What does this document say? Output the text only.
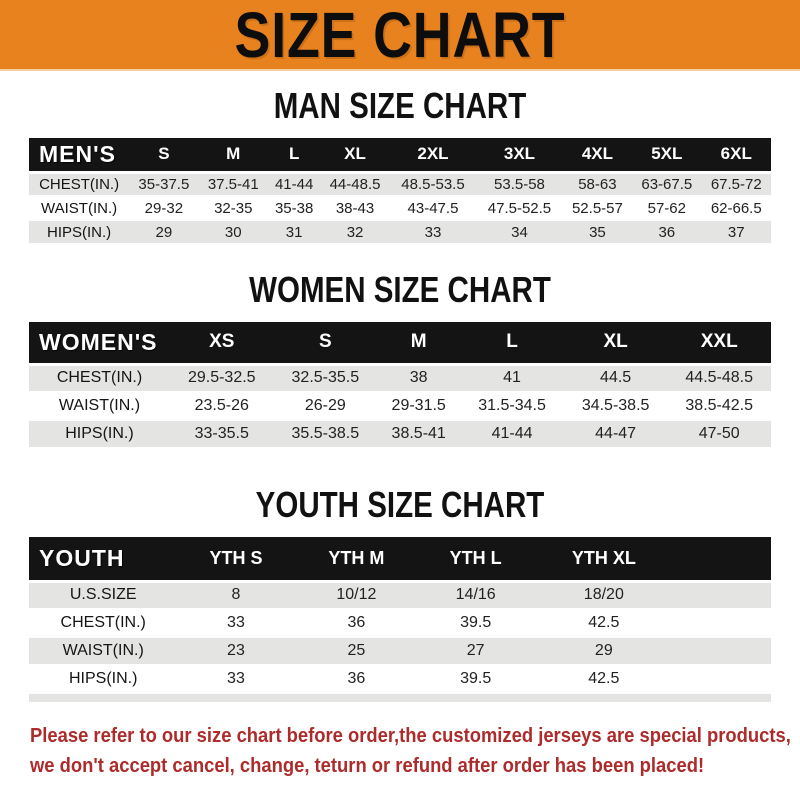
SIZE CHART
MAN SIZE CHART
MEN'S	S	M	L	XL	2XL	3XL	4XL	5XL	6XL
CHEST(IN.)	35-37.5	37.5-41	41-44	44-48.5	48.5-53.5	53.5-58	58-63	63-67.5	67.5-72
WAIST(IN.)	29-32	32-35	35-38	38-43	43-47.5	47.5-52.5	52.5-57	57-62	62-66.5
HIPS(IN.)	29	30	31	32	33	34	35	36	37
WOMEN SIZE CHART
WOMEN'S	XS	S	M	L	XL	XXL
CHEST(IN.)	29.5-32.5	32.5-35.5	38	41	44.5	44.5-48.5
WAIST(IN.)	23.5-26	26-29	29-31.5	31.5-34.5	34.5-38.5	38.5-42.5
HIPS(IN.)	33-35.5	35.5-38.5	38.5-41	41-44	44-47	47-50
YOUTH SIZE CHART
YOUTH	YTH S	YTH M	YTH L	YTH XL	
U.S.SIZE	8	10/12	14/16	18/20	
CHEST(IN.)	33	36	39.5	42.5	
WAIST(IN.)	23	25	27	29	
HIPS(IN.)	33	36	39.5	42.5	

Please refer to our size chart before order,the customized jerseys are special products,
we don't accept cancel, change, teturn or refund after order has been placed!
